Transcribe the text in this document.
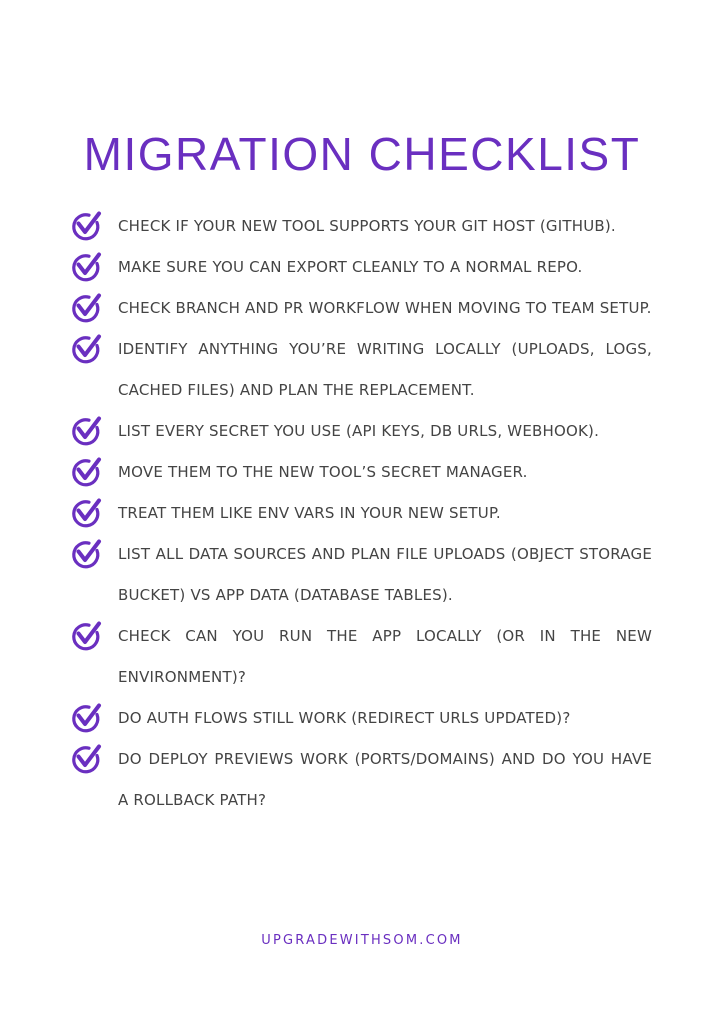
MIGRATION CHECKLIST
CHECK IF YOUR NEW TOOL SUPPORTS YOUR GIT HOST (GITHUB).
MAKE SURE YOU CAN EXPORT CLEANLY TO A NORMAL REPO.
CHECK BRANCH AND PR WORKFLOW WHEN MOVING TO TEAM SETUP.
IDENTIFY ANYTHING YOU’RE WRITING LOCALLY (UPLOADS, LOGS, CACHED FILES) AND PLAN THE REPLACEMENT.
LIST EVERY SECRET YOU USE (API KEYS, DB URLS, WEBHOOK).
MOVE THEM TO THE NEW TOOL’S SECRET MANAGER.
TREAT THEM LIKE ENV VARS IN YOUR NEW SETUP.
LIST ALL DATA SOURCES AND PLAN FILE UPLOADS (OBJECT STORAGE BUCKET) VS APP DATA (DATABASE TABLES).
CHECK CAN YOU RUN THE APP LOCALLY (OR IN THE NEW ENVIRONMENT)?
DO AUTH FLOWS STILL WORK (REDIRECT URLS UPDATED)?
DO DEPLOY PREVIEWS WORK (PORTS/DOMAINS) AND DO YOU HAVE A ROLLBACK PATH?
UPGRADEWITHSOM.COM
